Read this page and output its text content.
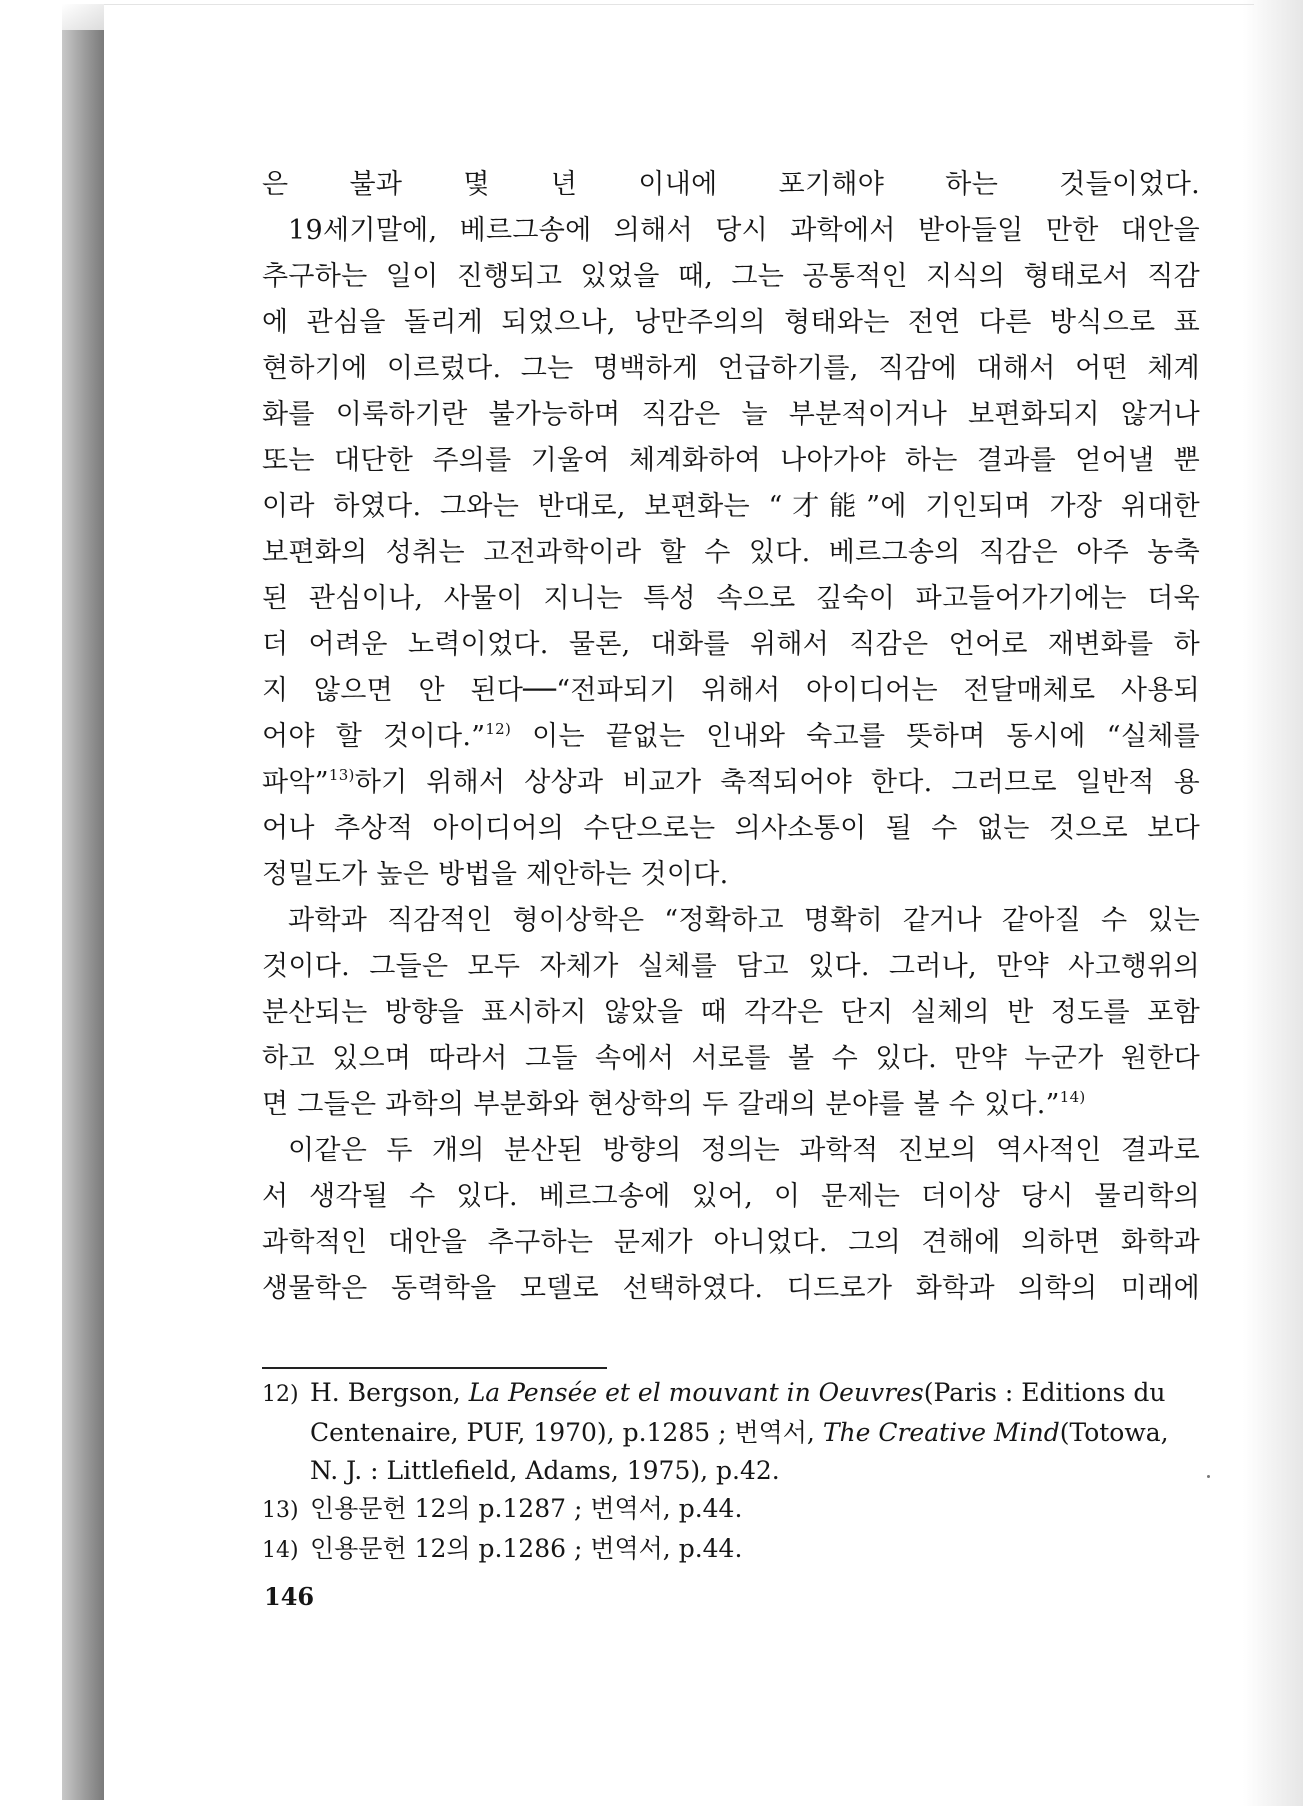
은 불과 몇 년 이내에 포기해야 하는 것들이었다.
19세기말에, 베르그송에 의해서 당시 과학에서 받아들일 만한 대안을
추구하는 일이 진행되고 있었을 때, 그는 공통적인 지식의 형태로서 직감
에 관심을 돌리게 되었으나, 낭만주의의 형태와는 전연 다른 방식으로 표
현하기에 이르렀다. 그는 명백하게 언급하기를, 직감에 대해서 어떤 체계
화를 이룩하기란 불가능하며 직감은 늘 부분적이거나 보편화되지 않거나
또는 대단한 주의를 기울여 체계화하여 나아가야 하는 결과를 얻어낼 뿐
이라 하였다. 그와는 반대로, 보편화는 “才能”에 기인되며 가장 위대한
보편화의 성취는 고전과학이라 할 수 있다. 베르그송의 직감은 아주 농축
된 관심이나, 사물이 지니는 특성 속으로 깊숙이 파고들어가기에는 더욱
더 어려운 노력이었다. 물론, 대화를 위해서 직감은 언어로 재변화를 하
지 않으면 안 된다──“전파되기 위해서 아이디어는 전달매체로 사용되
어야 할 것이다.”$^{12)}$ 이는 끝없는 인내와 숙고를 뜻하며 동시에 “실체를
파악”$^{13)}$하기 위해서 상상과 비교가 축적되어야 한다. 그러므로 일반적 용
어나 추상적 아이디어의 수단으로는 의사소통이 될 수 없는 것으로 보다
정밀도가 높은 방법을 제안하는 것이다.
과학과 직감적인 형이상학은 “정확하고 명확히 같거나 같아질 수 있는
것이다. 그들은 모두 자체가 실체를 담고 있다. 그러나, 만약 사고행위의
분산되는 방향을 표시하지 않았을 때 각각은 단지 실체의 반 정도를 포함
하고 있으며 따라서 그들 속에서 서로를 볼 수 있다. 만약 누군가 원한다
면 그들은 과학의 부분화와 현상학의 두 갈래의 분야를 볼 수 있다.”$^{14)}$
이같은 두 개의 분산된 방향의 정의는 과학적 진보의 역사적인 결과로
서 생각될 수 있다. 베르그송에 있어, 이 문제는 더이상 당시 물리학의
과학적인 대안을 추구하는 문제가 아니었다. 그의 견해에 의하면 화학과
생물학은 동력학을 모델로 선택하였다. 디드로가 화학과 의학의 미래에
12) H. Bergson, La Pensée et el mouvant in Oeuvres(Paris : Editions du
Centenaire, PUF, 1970), p.1285 ; 번역서, The Creative Mind(Totowa,
N. J. : Littlefield, Adams, 1975), p.42.
13) 인용문헌 12의 p.1287 ; 번역서, p.44.
14) 인용문헌 12의 p.1286 ; 번역서, p.44.
146
